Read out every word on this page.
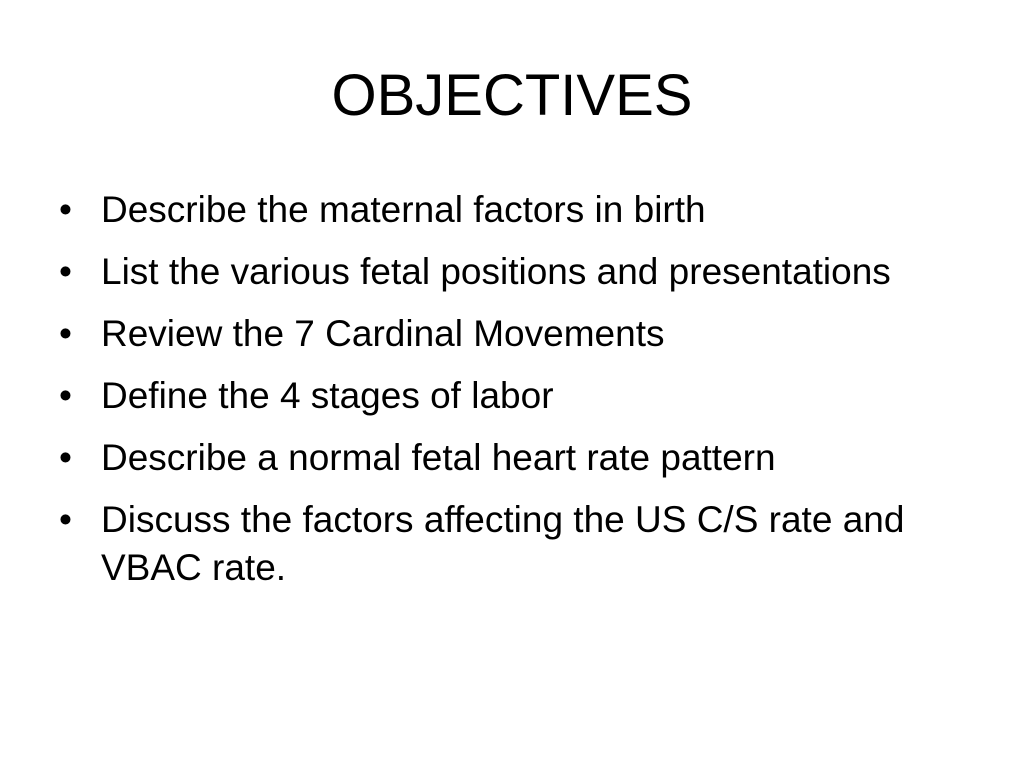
OBJECTIVES
• Describe the maternal factors in birth
• List the various fetal positions and presentations
• Review the 7 Cardinal Movements
• Define the 4 stages of labor
• Describe a normal fetal heart rate pattern
• Discuss the factors affecting the US C/S rate and VBAC rate.
